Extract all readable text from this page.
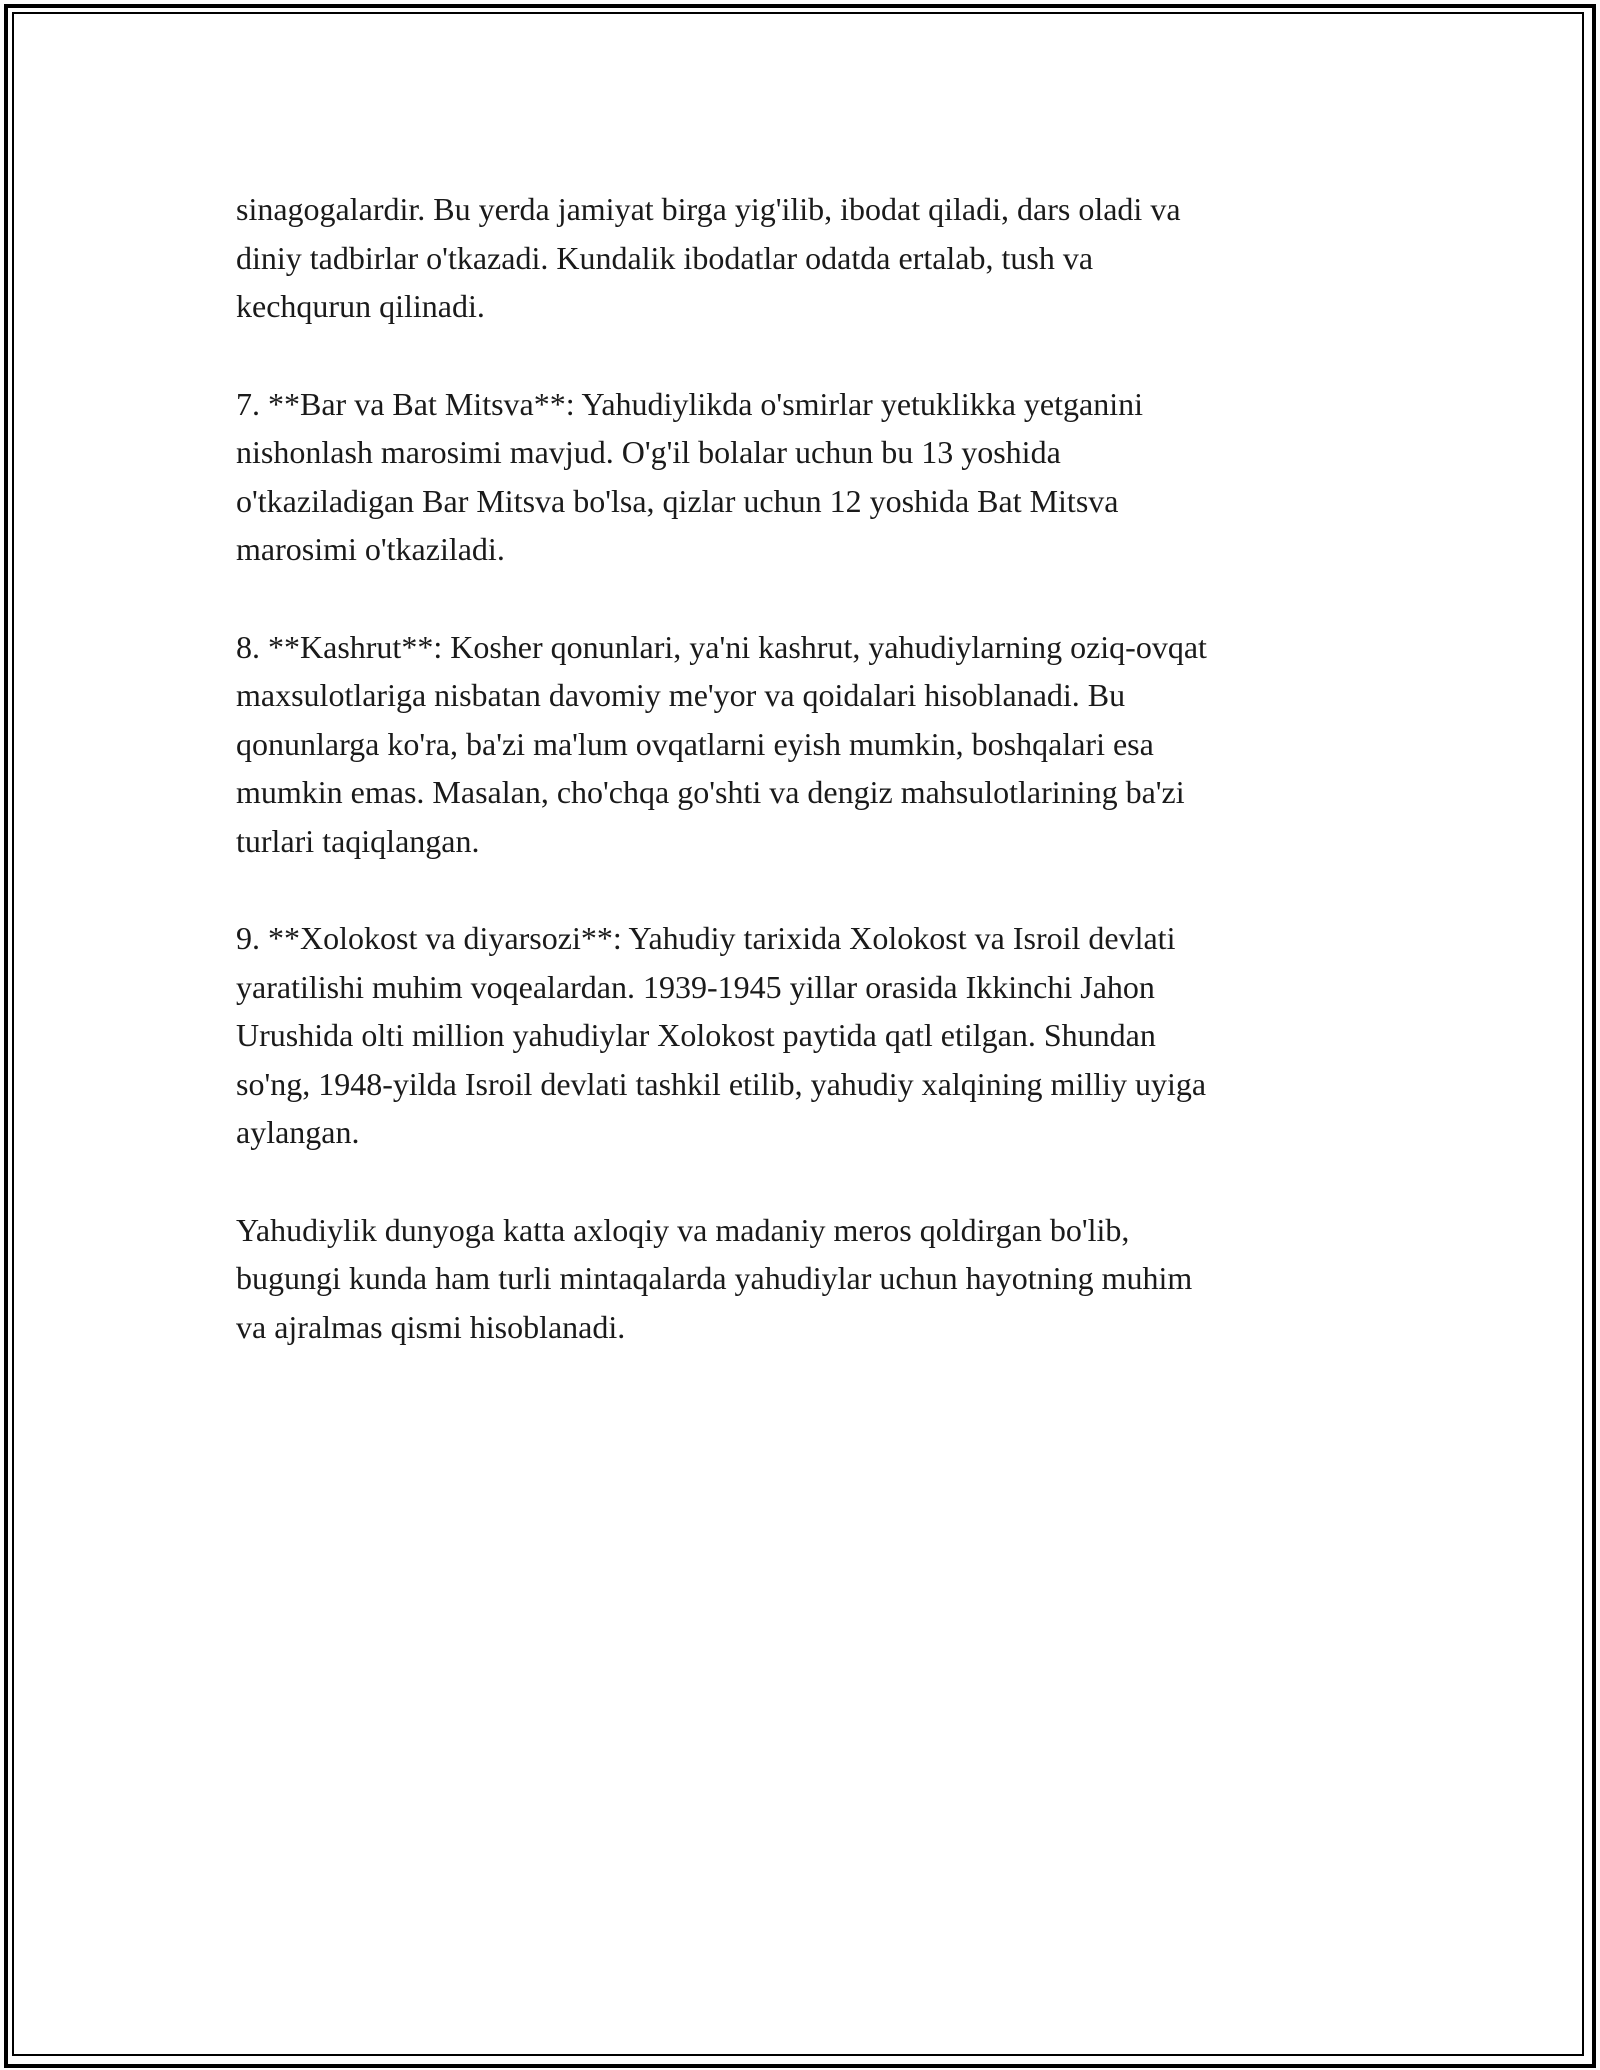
sinagogalardir. Bu yerda jamiyat birga yig'ilib, ibodat qiladi, dars oladi va
diniy tadbirlar o'tkazadi. Kundalik ibodatlar odatda ertalab, tush va
kechqurun qilinadi.

7. **Bar va Bat Mitsva**: Yahudiylikda o'smirlar yetuklikka yetganini
nishonlash marosimi mavjud. O'g'il bolalar uchun bu 13 yoshida
o'tkaziladigan Bar Mitsva bo'lsa, qizlar uchun 12 yoshida Bat Mitsva
marosimi o'tkaziladi.

8. **Kashrut**: Kosher qonunlari, ya'ni kashrut, yahudiylarning oziq-ovqat
maxsulotlariga nisbatan davomiy me'yor va qoidalari hisoblanadi. Bu
qonunlarga ko'ra, ba'zi ma'lum ovqatlarni eyish mumkin, boshqalari esa
mumkin emas. Masalan, cho'chqa go'shti va dengiz mahsulotlarining ba'zi
turlari taqiqlangan.

9. **Xolokost va diyarsozi**: Yahudiy tarixida Xolokost va Isroil devlati
yaratilishi muhim voqealardan. 1939-1945 yillar orasida Ikkinchi Jahon
Urushida olti million yahudiylar Xolokost paytida qatl etilgan. Shundan
so'ng, 1948-yilda Isroil devlati tashkil etilib, yahudiy xalqining milliy uyiga
aylangan.

Yahudiylik dunyoga katta axloqiy va madaniy meros qoldirgan bo'lib,
bugungi kunda ham turli mintaqalarda yahudiylar uchun hayotning muhim
va ajralmas qismi hisoblanadi.
